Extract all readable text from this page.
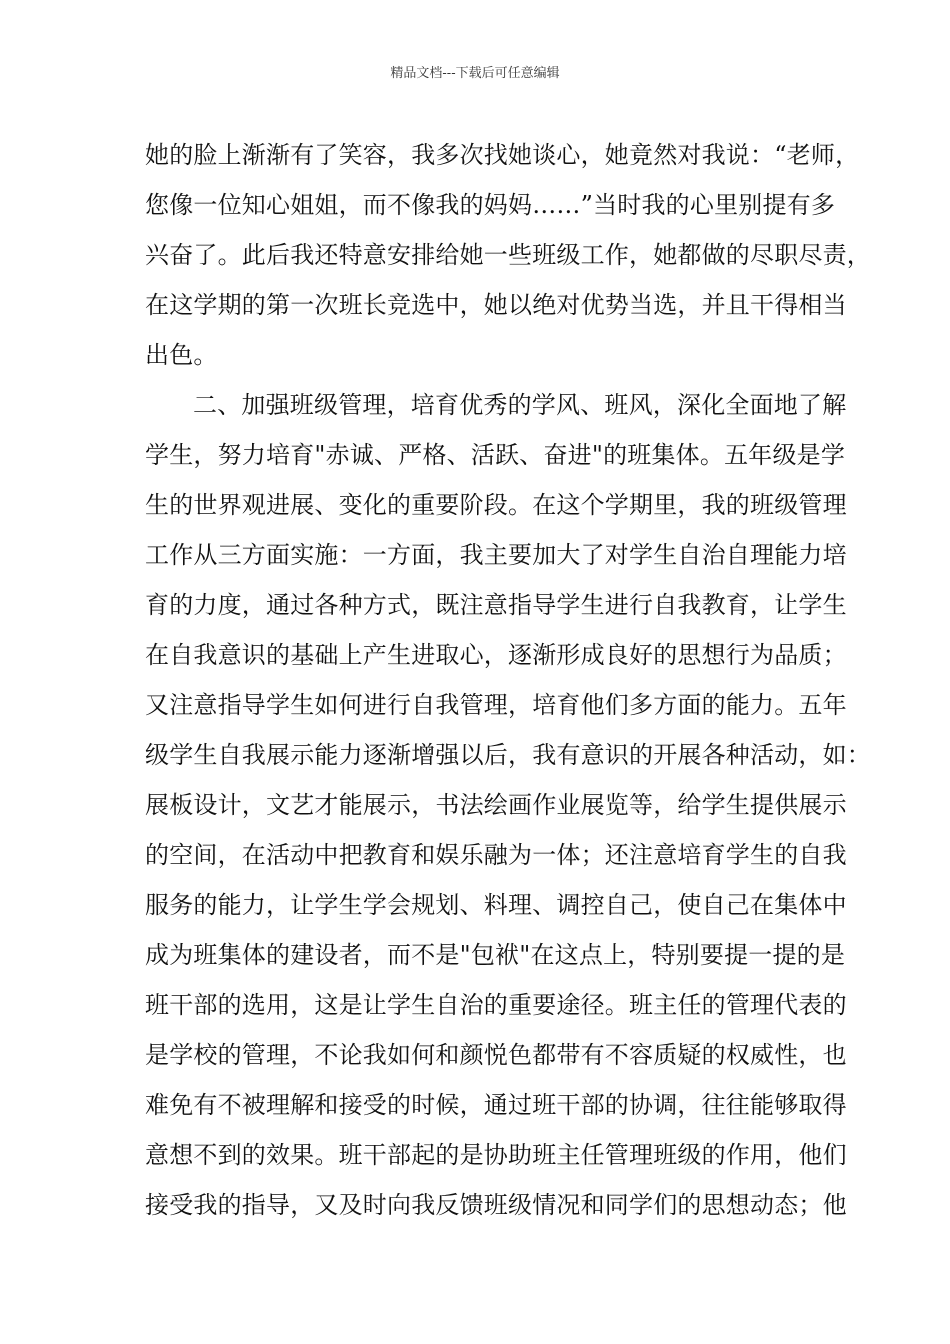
精品文档---下载后可任意编辑
她的脸上渐渐有了笑容，我多次找她谈心，她竟然对我说：“老师，
您像一位知心姐姐，而不像我的妈妈……”当时我的心里别提有多
兴奋了。此后我还特意安排给她一些班级工作，她都做的尽职尽责，
在这学期的第一次班长竞选中，她以绝对优势当选，并且干得相当
出色。
二、加强班级管理，培育优秀的学风、班风，深化全面地了解
学生，努力培育"赤诚、严格、活跃、奋进"的班集体。五年级是学
生的世界观进展、变化的重要阶段。在这个学期里，我的班级管理
工作从三方面实施：一方面，我主要加大了对学生自治自理能力培
育的力度，通过各种方式，既注意指导学生进行自我教育，让学生
在自我意识的基础上产生进取心，逐渐形成良好的思想行为品质；
又注意指导学生如何进行自我管理，培育他们多方面的能力。五年
级学生自我展示能力逐渐增强以后，我有意识的开展各种活动，如：
展板设计，文艺才能展示，书法绘画作业展览等，给学生提供展示
的空间，在活动中把教育和娱乐融为一体；还注意培育学生的自我
服务的能力，让学生学会规划、料理、调控自己，使自己在集体中
成为班集体的建设者，而不是"包袱"在这点上，特别要提一提的是
班干部的选用，这是让学生自治的重要途径。班主任的管理代表的
是学校的管理，不论我如何和颜悦色都带有不容质疑的权威性，也
难免有不被理解和接受的时候，通过班干部的协调，往往能够取得
意想不到的效果。班干部起的是协助班主任管理班级的作用，他们
接受我的指导，又及时向我反馈班级情况和同学们的思想动态；他
